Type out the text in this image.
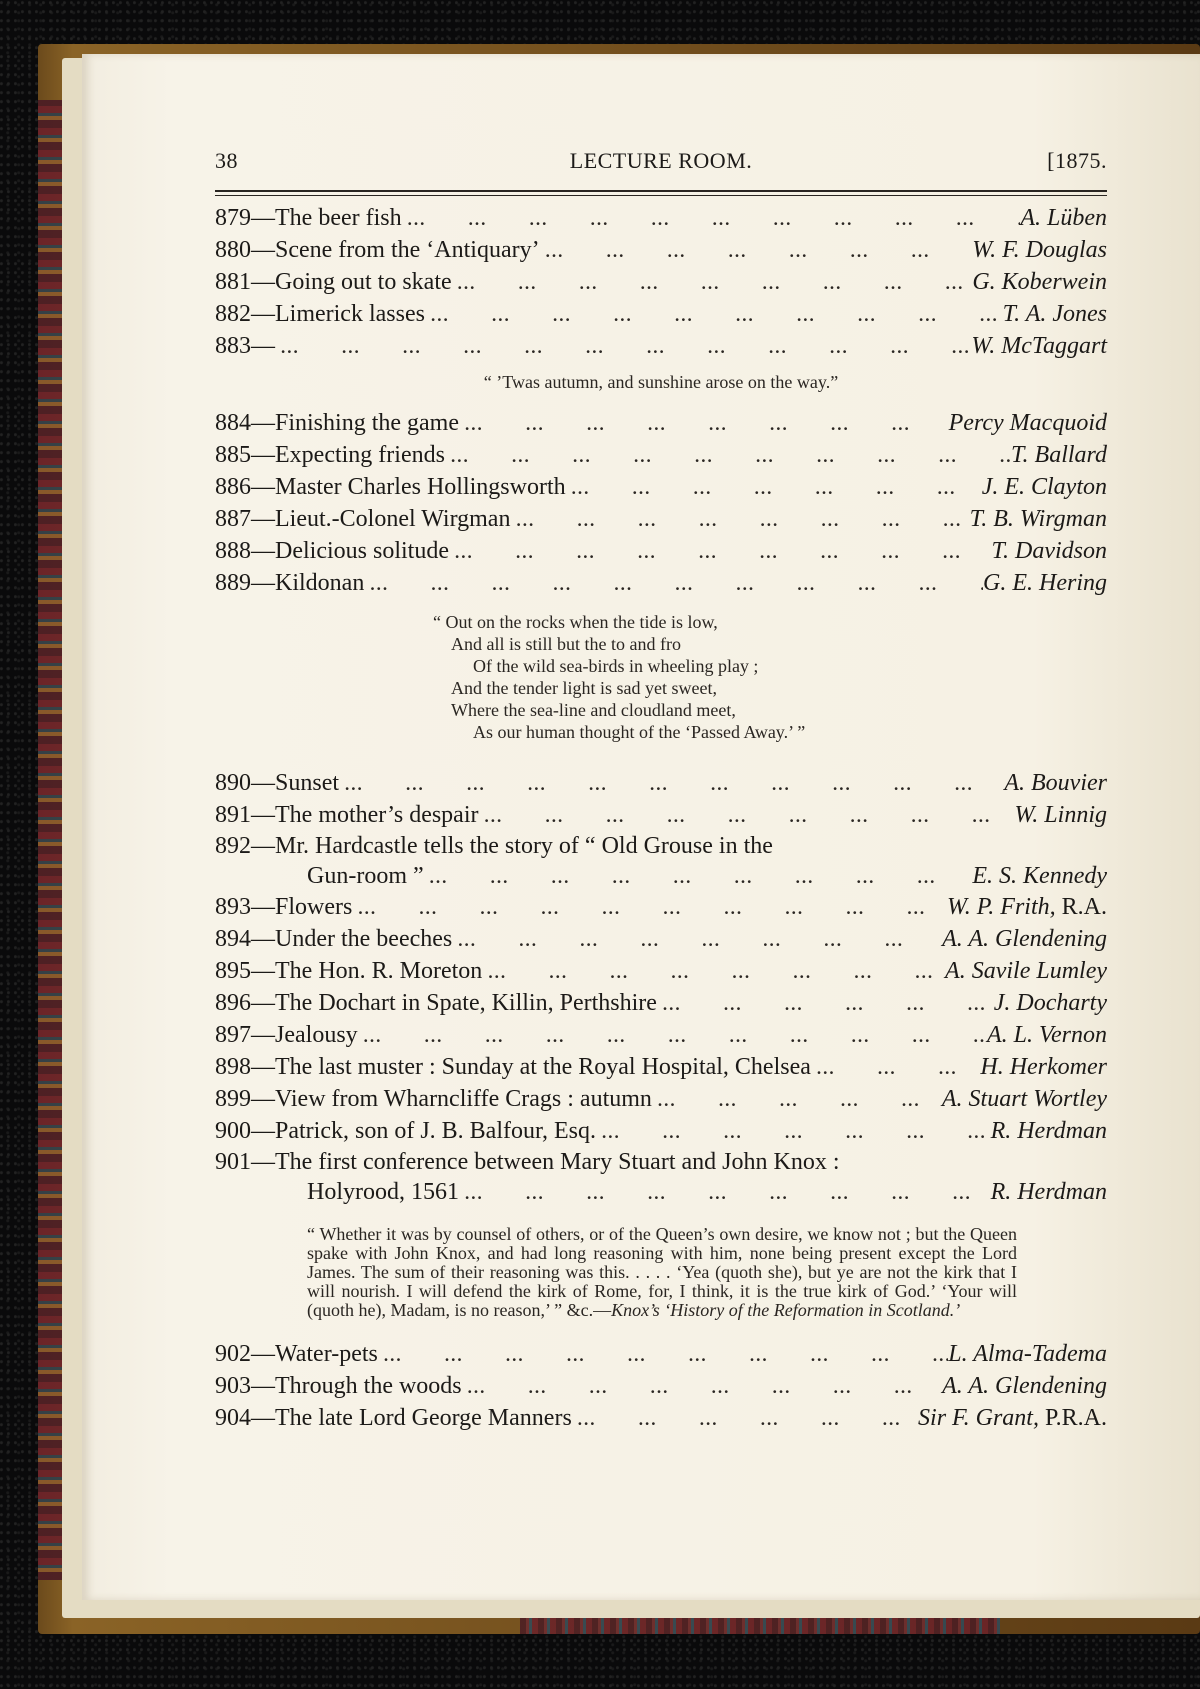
38	LECTURE ROOM.	[1875.
879 — The beer fish ... .	A. Lüben
880 — Scene from the ‘Antiquary’ ... .	W. F. Douglas
881 — Going out to skate ... .	G. Koberwein
882 — Limerick lasses ... .	T. A. Jones
883 — ... .	W. McTaggart
“ ’Twas autumn, and sunshine arose on the way.”
884 — Finishing the game ... .	Percy Macquoid
885 — Expecting friends ... .	T. Ballard
886 — Master Charles Hollingsworth ... .	J. E. Clayton
887 — Lieut.-Colonel Wirgman ... .	T. B. Wirgman
888 — Delicious solitude ... .	T. Davidson
889 — Kildonan ... .	G. E. Hering
“ Out on the rocks when the tide is low,
And all is still but the to and fro
Of the wild sea-birds in wheeling play ;
And the tender light is sad yet sweet,
Where the sea-line and cloudland meet,
As our human thought of the ‘Passed Away.’ ”
890 — Sunset ... .	A. Bouvier
891 — The mother’s despair ... .	W. Linnig
892—Mr. Hardcastle tells the story of “ Old Grouse in the
Gun-room ” ... .	E. S. Kennedy
893 — Flowers ... .	W. P. Frith, R.A.
894 — Under the beeches ... .	A. A. Glendening
895 — The Hon. R. Moreton ... .	A. Savile Lumley
896 — The Dochart in Spate, Killin, Perthshire ... .	J. Docharty
897 — Jealousy ... .	A. L. Vernon
898 — The last muster : Sunday at the Royal Hospital, Chelsea ... .	H. Herkomer
899 — View from Wharncliffe Crags : autumn ... .	A. Stuart Wortley
900 — Patrick, son of J. B. Balfour, Esq. ... .	R. Herdman
901—The first conference between Mary Stuart and John Knox :
Holyrood, 1561 ... .	R. Herdman
“ Whether it was by counsel of others, or of the Queen’s own desire, we know not ; but the Queen spake with John Knox, and had long reasoning with him, none being present except the Lord James. The sum of their reasoning was this. . . . . ‘Yea (quoth she), but ye are not the kirk that I will nourish. I will defend the kirk of Rome, for, I think, it is the true kirk of God.’ ‘Your will (quoth he), Madam, is no reason,’ ” &c.—Knox’s ‘History of the Reformation in Scotland.’
902 — Water-pets ... .	L. Alma-Tadema
903 — Through the woods ... .	A. A. Glendening
904 — The late Lord George Manners ... .	Sir F. Grant, P.R.A.
